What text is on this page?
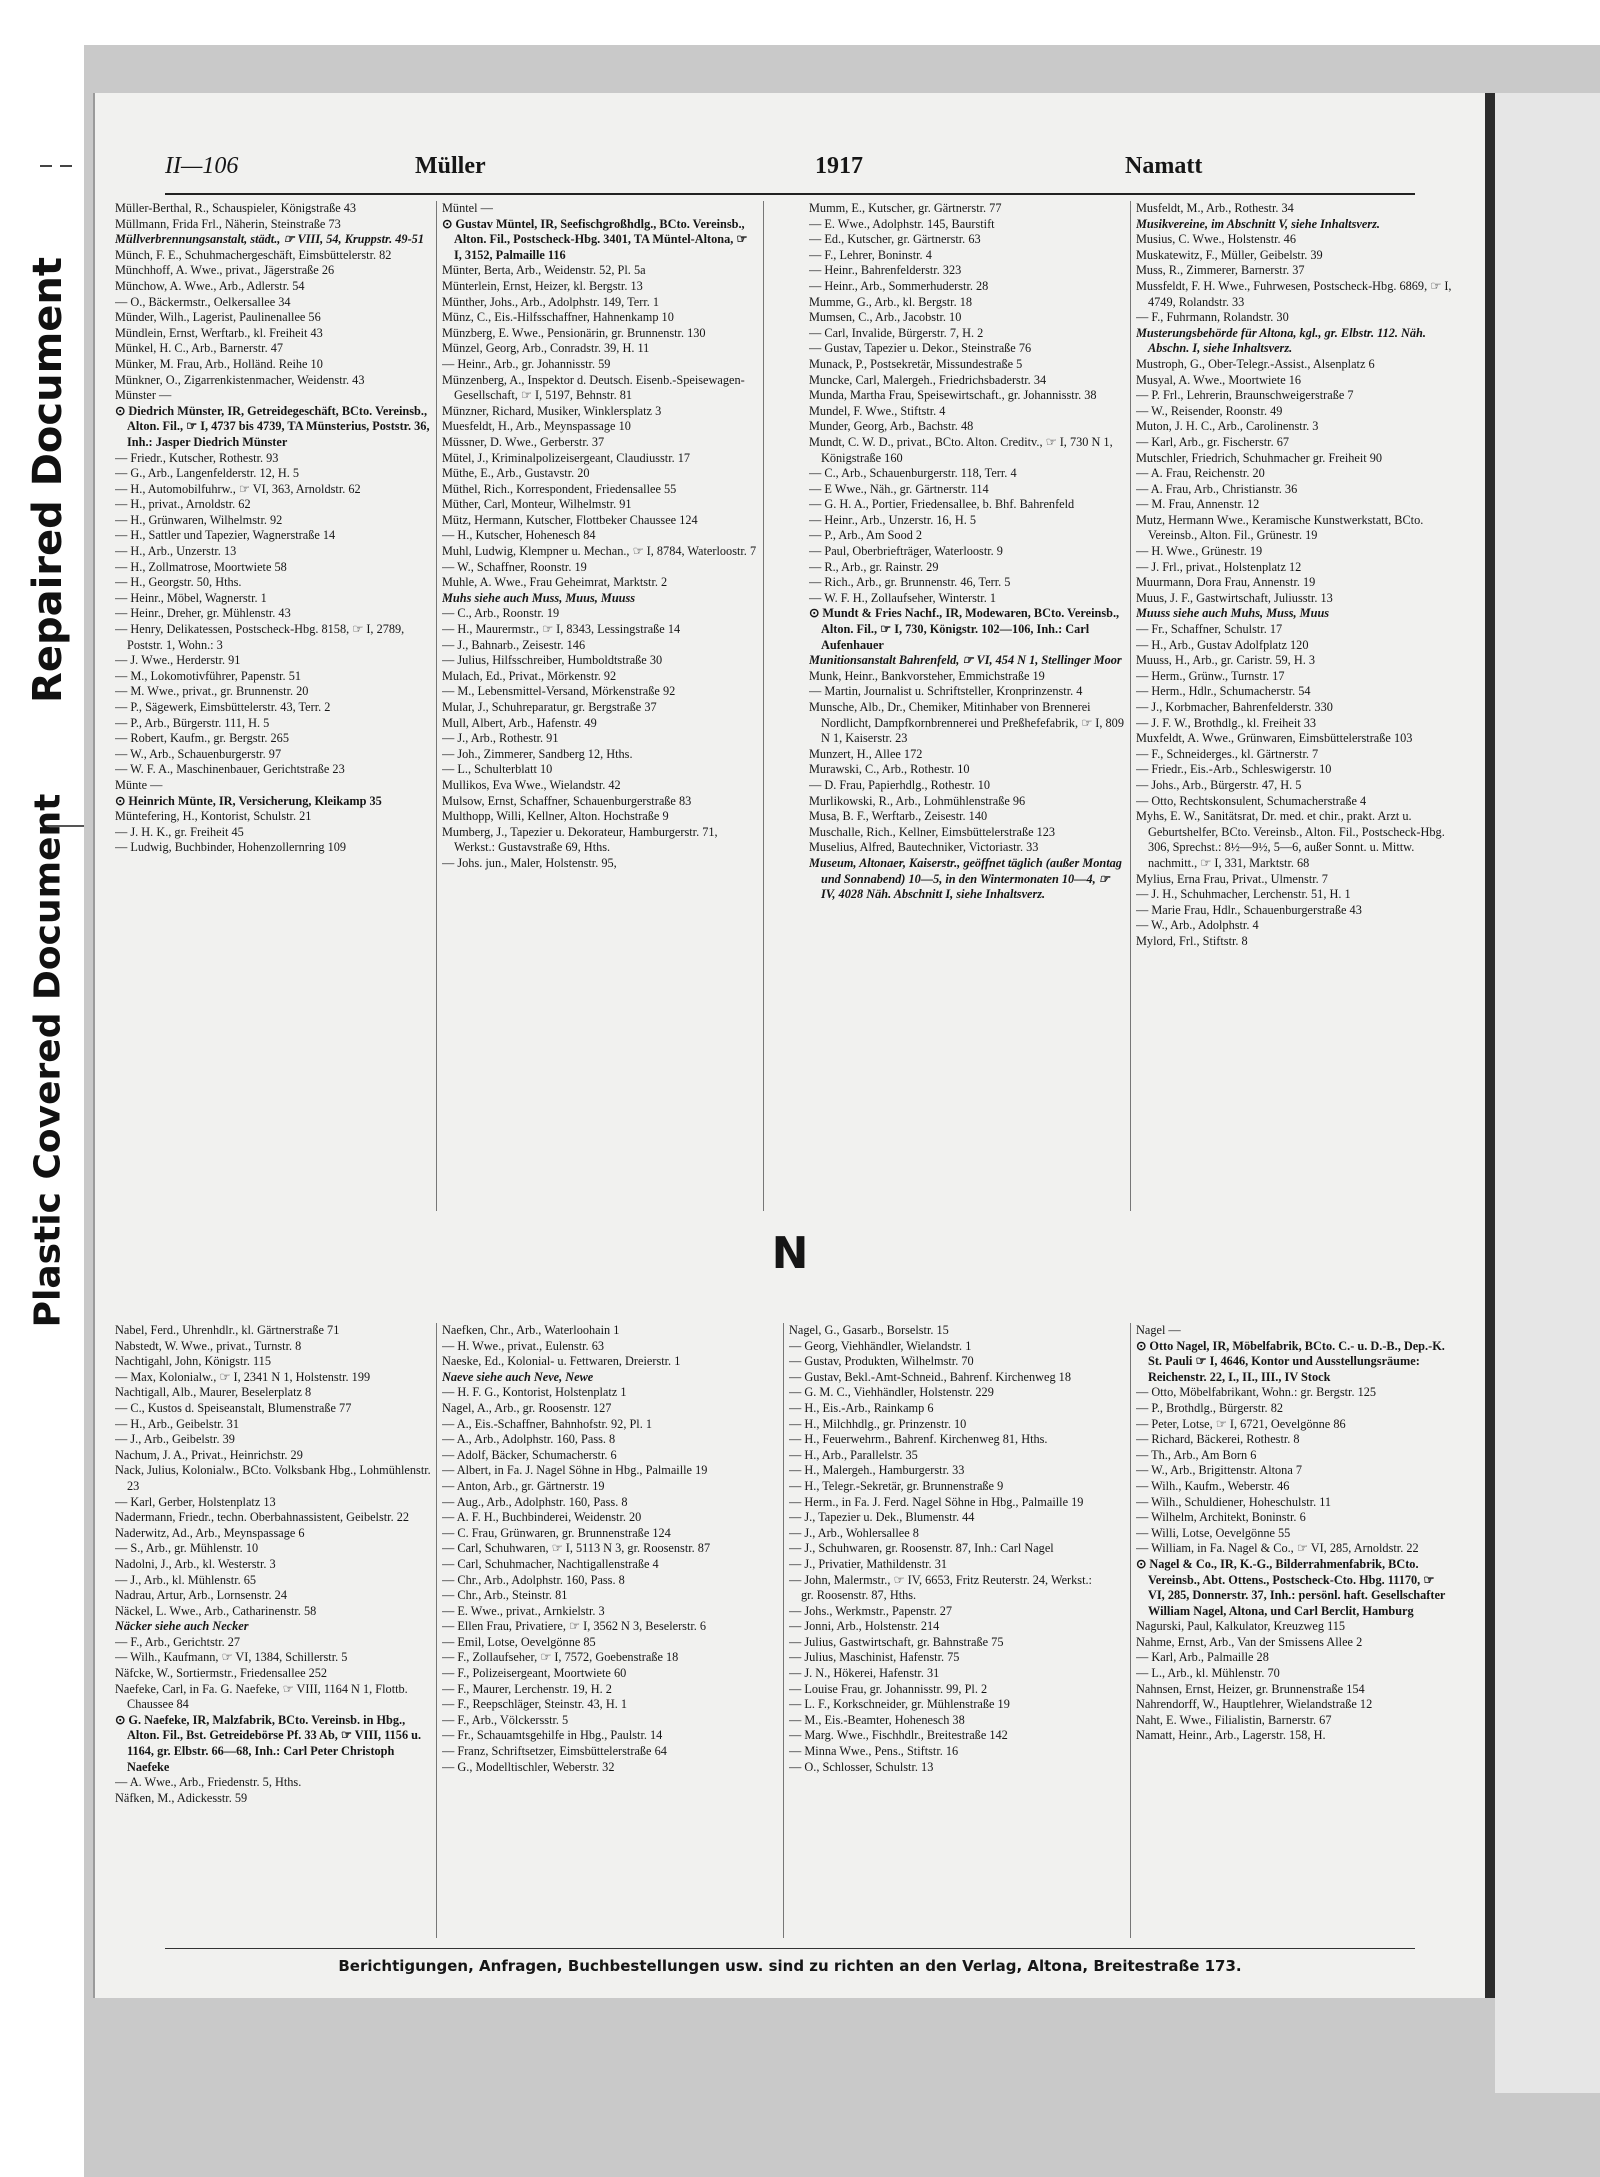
Repaired Document
Plastic Covered Document
II—106	Müller	1917	Namatt
Müller-Berthal, R., Schauspieler, Königstraße 43
Müllmann, Frida Frl., Näherin, Steinstraße 73
Müllverbrennungsanstalt, städt., ☞ VIII, 54, Kruppstr. 49-51
Münch, F. E., Schuhmachergeschäft, Eimsbüttelerstr. 82
Münchhoff, A. Wwe., privat., Jägerstraße 26
Münchow, A. Wwe., Arb., Adlerstr. 54
— O., Bäckermstr., Oelkersallee 34
Münder, Wilh., Lagerist, Paulinenallee 56
Mündlein, Ernst, Werftarb., kl. Freiheit 43
Münkel, H. C., Arb., Barnerstr. 47
Münker, M. Frau, Arb., Holländ. Reihe 10
Münkner, O., Zigarrenkistenmacher, Weidenstr. 43
Münster —
⊙ Diedrich Münster, IR, Getreidegeschäft, BCto. Vereinsb., Alton. Fil., ☞ I, 4737 bis 4739, TA Münsterius, Poststr. 36, Inh.: Jasper Diedrich Münster
— Friedr., Kutscher, Rothestr. 93
— G., Arb., Langenfelderstr. 12, H. 5
— H., Automobilfuhrw., ☞ VI, 363, Arnoldstr. 62
— H., privat., Arnoldstr. 62
— H., Grünwaren, Wilhelmstr. 92
— H., Sattler und Tapezier, Wagnerstraße 14
— H., Arb., Unzerstr. 13
— H., Zollmatrose, Moortwiete 58
— H., Georgstr. 50, Hths.
— Heinr., Möbel, Wagnerstr. 1
— Heinr., Dreher, gr. Mühlenstr. 43
— Henry, Delikatessen, Postscheck-Hbg. 8158, ☞ I, 2789, Poststr. 1, Wohn.: 3
— J. Wwe., Herderstr. 91
— M., Lokomotivführer, Papenstr. 51
— M. Wwe., privat., gr. Brunnenstr. 20
— P., Sägewerk, Eimsbüttelerstr. 43, Terr. 2
— P., Arb., Bürgerstr. 111, H. 5
— Robert, Kaufm., gr. Bergstr. 265
— W., Arb., Schauenburgerstr. 97
— W. F. A., Maschinenbauer, Gerichtstraße 23
Münte —
⊙ Heinrich Münte, IR, Versicherung, Kleikamp 35
Müntefering, H., Kontorist, Schulstr. 21
— J. H. K., gr. Freiheit 45
— Ludwig, Buchbinder, Hohenzollernring 109
Müntel —
⊙ Gustav Müntel, IR, Seefischgroßhdlg., BCto. Vereinsb., Alton. Fil., Postscheck-Hbg. 3401, TA Müntel-Altona, ☞ I, 3152, Palmaille 116
Münter, Berta, Arb., Weidenstr. 52, Pl. 5a
Münterlein, Ernst, Heizer, kl. Bergstr. 13
Münther, Johs., Arb., Adolphstr. 149, Terr. 1
Münz, C., Eis.-Hilfsschaffner, Hahnenkamp 10
Münzberg, E. Wwe., Pensionärin, gr. Brunnenstr. 130
Münzel, Georg, Arb., Conradstr. 39, H. 11
— Heinr., Arb., gr. Johannisstr. 59
Münzenberg, A., Inspektor d. Deutsch. Eisenb.-Speisewagen-Gesellschaft, ☞ I, 5197, Behnstr. 81
Münzner, Richard, Musiker, Winklersplatz 3
Muesfeldt, H., Arb., Meynspassage 10
Müssner, D. Wwe., Gerberstr. 37
Mütel, J., Kriminalpolizeisergeant, Claudiusstr. 17
Müthe, E., Arb., Gustavstr. 20
Müthel, Rich., Korrespondent, Friedensallee 55
Müther, Carl, Monteur, Wilhelmstr. 91
Mütz, Hermann, Kutscher, Flottbeker Chaussee 124
— H., Kutscher, Hohenesch 84
Muhl, Ludwig, Klempner u. Mechan., ☞ I, 8784, Waterloostr. 7
— W., Schaffner, Roonstr. 19
Muhle, A. Wwe., Frau Geheimrat, Marktstr. 2
Muhs siehe auch Muss, Muus, Muuss
— C., Arb., Roonstr. 19
— H., Maurermstr., ☞ I, 8343, Lessingstraße 14
— J., Bahnarb., Zeisestr. 146
— Julius, Hilfsschreiber, Humboldtstraße 30
Mulach, Ed., Privat., Mörkenstr. 92
— M., Lebensmittel-Versand, Mörkenstraße 92
Mular, J., Schuhreparatur, gr. Bergstraße 37
Mull, Albert, Arb., Hafenstr. 49
— J., Arb., Rothestr. 91
— Joh., Zimmerer, Sandberg 12, Hths.
— L., Schulterblatt 10
Mullikos, Eva Wwe., Wielandstr. 42
Mulsow, Ernst, Schaffner, Schauenburgerstraße 83
Multhopp, Willi, Kellner, Alton. Hochstraße 9
Mumberg, J., Tapezier u. Dekorateur, Hamburgerstr. 71, Werkst.: Gustavstraße 69, Hths.
— Johs. jun., Maler, Holstenstr. 95,
Mumm, E., Kutscher, gr. Gärtnerstr. 77
— E. Wwe., Adolphstr. 145, Baurstift
— Ed., Kutscher, gr. Gärtnerstr. 63
— F., Lehrer, Boninstr. 4
— Heinr., Bahrenfelderstr. 323
— Heinr., Arb., Sommerhuderstr. 28
Mumme, G., Arb., kl. Bergstr. 18
Mumsen, C., Arb., Jacobstr. 10
— Carl, Invalide, Bürgerstr. 7, H. 2
— Gustav, Tapezier u. Dekor., Steinstraße 76
Munack, P., Postsekretär, Missundestraße 5
Muncke, Carl, Malergeh., Friedrichsbaderstr. 34
Munda, Martha Frau, Speisewirtschaft., gr. Johannisstr. 38
Mundel, F. Wwe., Stiftstr. 4
Munder, Georg, Arb., Bachstr. 48
Mundt, C. W. D., privat., BCto. Alton. Creditv., ☞ I, 730 N 1, Königstraße 160
— C., Arb., Schauenburgerstr. 118, Terr. 4
— E Wwe., Näh., gr. Gärtnerstr. 114
— G. H. A., Portier, Friedensallee, b. Bhf. Bahrenfeld
— Heinr., Arb., Unzerstr. 16, H. 5
— P., Arb., Am Sood 2
— Paul, Oberbriefträger, Waterloostr. 9
— R., Arb., gr. Rainstr. 29
— Rich., Arb., gr. Brunnenstr. 46, Terr. 5
— W. F. H., Zollaufseher, Winterstr. 1
⊙ Mundt & Fries Nachf., IR, Modewaren, BCto. Vereinsb., Alton. Fil., ☞ I, 730, Königstr. 102—106, Inh.: Carl Aufenhauer
Munitionsanstalt Bahrenfeld, ☞ VI, 454 N 1, Stellinger Moor
Munk, Heinr., Bankvorsteher, Emmichstraße 19
— Martin, Journalist u. Schriftsteller, Kronprinzenstr. 4
Munsche, Alb., Dr., Chemiker, Mitinhaber von Brennerei Nordlicht, Dampfkornbrennerei und Preßhefefabrik, ☞ I, 809 N 1, Kaiserstr. 23
Munzert, H., Allee 172
Murawski, C., Arb., Rothestr. 10
— D. Frau, Papierhdlg., Rothestr. 10
Murlikowski, R., Arb., Lohmühlenstraße 96
Musa, B. F., Werftarb., Zeisestr. 140
Muschalle, Rich., Kellner, Eimsbüttelerstraße 123
Muselius, Alfred, Bautechniker, Victoriastr. 33
Museum, Altonaer, Kaiserstr., geöffnet täglich (außer Montag und Sonnabend) 10—5, in den Wintermonaten 10—4, ☞ IV, 4028 Näh. Abschnitt I, siehe Inhaltsverz.
Musfeldt, M., Arb., Rothestr. 34
Musikvereine, im Abschnitt V, siehe Inhaltsverz.
Musius, C. Wwe., Holstenstr. 46
Muskatewitz, F., Müller, Geibelstr. 39
Muss, R., Zimmerer, Barnerstr. 37
Mussfeldt, F. H. Wwe., Fuhrwesen, Postscheck-Hbg. 6869, ☞ I, 4749, Rolandstr. 33
— F., Fuhrmann, Rolandstr. 30
Musterungsbehörde für Altona, kgl., gr. Elbstr. 112. Näh. Abschn. I, siehe Inhaltsverz.
Mustroph, G., Ober-Telegr.-Assist., Alsenplatz 6
Musyal, A. Wwe., Moortwiete 16
— P. Frl., Lehrerin, Braunschweigerstraße 7
— W., Reisender, Roonstr. 49
Muton, J. H. C., Arb., Carolinenstr. 3
— Karl, Arb., gr. Fischerstr. 67
Mutschler, Friedrich, Schuhmacher gr. Freiheit 90
— A. Frau, Reichenstr. 20
— A. Frau, Arb., Christianstr. 36
— M. Frau, Annenstr. 12
Mutz, Hermann Wwe., Keramische Kunstwerkstatt, BCto. Vereinsb., Alton. Fil., Grünestr. 19
— H. Wwe., Grünestr. 19
— J. Frl., privat., Holstenplatz 12
Muurmann, Dora Frau, Annenstr. 19
Muus, J. F., Gastwirtschaft, Juliusstr. 13
Muuss siehe auch Muhs, Muss, Muus
— Fr., Schaffner, Schulstr. 17
— H., Arb., Gustav Adolfplatz 120
Muuss, H., Arb., gr. Caristr. 59, H. 3
— Herm., Grünw., Turnstr. 17
— Herm., Hdlr., Schumacherstr. 54
— J., Korbmacher, Bahrenfelderstr. 330
— J. F. W., Brothdlg., kl. Freiheit 33
Muxfeldt, A. Wwe., Grünwaren, Eimsbüttelerstraße 103
— F., Schneiderges., kl. Gärtnerstr. 7
— Friedr., Eis.-Arb., Schleswigerstr. 10
— Johs., Arb., Bürgerstr. 47, H. 5
— Otto, Rechtskonsulent, Schumacherstraße 4
Myhs, E. W., Sanitätsrat, Dr. med. et chir., prakt. Arzt u. Geburtshelfer, BCto. Vereinsb., Alton. Fil., Postscheck-Hbg. 306, Sprechst.: 8½—9½, 5—6, außer Sonnt. u. Mittw. nachmitt., ☞ I, 331, Marktstr. 68
Mylius, Erna Frau, Privat., Ulmenstr. 7
— J. H., Schuhmacher, Lerchenstr. 51, H. 1
— Marie Frau, Hdlr., Schauenburgerstraße 43
— W., Arb., Adolphstr. 4
Mylord, Frl., Stiftstr. 8
N
Nabel, Ferd., Uhrenhdlr., kl. Gärtnerstraße 71
Nabstedt, W. Wwe., privat., Turnstr. 8
Nachtigahl, John, Königstr. 115
— Max, Kolonialw., ☞ I, 2341 N 1, Holstenstr. 199
Nachtigall, Alb., Maurer, Beselerplatz 8
— C., Kustos d. Speiseanstalt, Blumenstraße 77
— H., Arb., Geibelstr. 31
— J., Arb., Geibelstr. 39
Nachum, J. A., Privat., Heinrichstr. 29
Nack, Julius, Kolonialw., BCto. Volksbank Hbg., Lohmühlenstr. 23
— Karl, Gerber, Holstenplatz 13
Nadermann, Friedr., techn. Oberbahnassistent, Geibelstr. 22
Naderwitz, Ad., Arb., Meynspassage 6
— S., Arb., gr. Mühlenstr. 10
Nadolni, J., Arb., kl. Westerstr. 3
— J., Arb., kl. Mühlenstr. 65
Nadrau, Artur, Arb., Lornsenstr. 24
Näckel, L. Wwe., Arb., Catharinenstr. 58
Näcker siehe auch Necker
— F., Arb., Gerichtstr. 27
— Wilh., Kaufmann, ☞ VI, 1384, Schillerstr. 5
Näfcke, W., Sortiermstr., Friedensallee 252
Naefeke, Carl, in Fa. G. Naefeke, ☞ VIII, 1164 N 1, Flottb. Chaussee 84
⊙ G. Naefeke, IR, Malzfabrik, BCto. Vereinsb. in Hbg., Alton. Fil., Bst. Getreidebörse Pf. 33 Ab, ☞ VIII, 1156 u. 1164, gr. Elbstr. 66—68, Inh.: Carl Peter Christoph Naefeke
— A. Wwe., Arb., Friedenstr. 5, Hths.
Näfken, M., Adickesstr. 59
Naefken, Chr., Arb., Waterloohain 1
— H. Wwe., privat., Eulenstr. 63
Naeske, Ed., Kolonial- u. Fettwaren, Dreierstr. 1
Naeve siehe auch Neve, Newe
— H. F. G., Kontorist, Holstenplatz 1
Nagel, A., Arb., gr. Roosenstr. 127
— A., Eis.-Schaffner, Bahnhofstr. 92, Pl. 1
— A., Arb., Adolphstr. 160, Pass. 8
— Adolf, Bäcker, Schumacherstr. 6
— Albert, in Fa. J. Nagel Söhne in Hbg., Palmaille 19
— Anton, Arb., gr. Gärtnerstr. 19
— Aug., Arb., Adolphstr. 160, Pass. 8
— A. F. H., Buchbinderei, Weidenstr. 20
— C. Frau, Grünwaren, gr. Brunnenstraße 124
— Carl, Schuhwaren, ☞ I, 5113 N 3, gr. Roosenstr. 87
— Carl, Schuhmacher, Nachtigallenstraße 4
— Chr., Arb., Adolphstr. 160, Pass. 8
— Chr., Arb., Steinstr. 81
— E. Wwe., privat., Arnkielstr. 3
— Ellen Frau, Privatiere, ☞ I, 3562 N 3, Beselerstr. 6
— Emil, Lotse, Oevelgönne 85
— F., Zollaufseher, ☞ I, 7572, Goebenstraße 18
— F., Polizeisergeant, Moortwiete 60
— F., Maurer, Lerchenstr. 19, H. 2
— F., Reepschläger, Steinstr. 43, H. 1
— F., Arb., Völckersstr. 5
— Fr., Schauamtsgehilfe in Hbg., Paulstr. 14
— Franz, Schriftsetzer, Eimsbüttelerstraße 64
— G., Modelltischler, Weberstr. 32
Nagel, G., Gasarb., Borselstr. 15
— Georg, Viehhändler, Wielandstr. 1
— Gustav, Produkten, Wilhelmstr. 70
— Gustav, Bekl.-Amt-Schneid., Bahrenf. Kirchenweg 18
— G. M. C., Viehhändler, Holstenstr. 229
— H., Eis.-Arb., Rainkamp 6
— H., Milchhdlg., gr. Prinzenstr. 10
— H., Feuerwehrm., Bahrenf. Kirchenweg 81, Hths.
— H., Arb., Parallelstr. 35
— H., Malergeh., Hamburgerstr. 33
— H., Telegr.-Sekretär, gr. Brunnenstraße 9
— Herm., in Fa. J. Ferd. Nagel Söhne in Hbg., Palmaille 19
— J., Tapezier u. Dek., Blumenstr. 44
— J., Arb., Wohlersallee 8
— J., Schuhwaren, gr. Roosenstr. 87, Inh.: Carl Nagel
— J., Privatier, Mathildenstr. 31
— John, Malermstr., ☞ IV, 6653, Fritz Reuterstr. 24, Werkst.: gr. Roosenstr. 87, Hths.
— Johs., Werkmstr., Papenstr. 27
— Jonni, Arb., Holstenstr. 214
— Julius, Gastwirtschaft, gr. Bahnstraße 75
— Julius, Maschinist, Hafenstr. 75
— J. N., Hökerei, Hafenstr. 31
— Louise Frau, gr. Johannisstr. 99, Pl. 2
— L. F., Korkschneider, gr. Mühlenstraße 19
— M., Eis.-Beamter, Hohenesch 38
— Marg. Wwe., Fischhdlr., Breitestraße 142
— Minna Wwe., Pens., Stiftstr. 16
— O., Schlosser, Schulstr. 13
Nagel —
⊙ Otto Nagel, IR, Möbelfabrik, BCto. C.- u. D.-B., Dep.-K. St. Pauli ☞ I, 4646, Kontor und Ausstellungsräume: Reichenstr. 22, I., II., III., IV Stock
— Otto, Möbelfabrikant, Wohn.: gr. Bergstr. 125
— P., Brothdlg., Bürgerstr. 82
— Peter, Lotse, ☞ I, 6721, Oevelgönne 86
— Richard, Bäckerei, Rothestr. 8
— Th., Arb., Am Born 6
— W., Arb., Brigittenstr. Altona 7
— Wilh., Kaufm., Weberstr. 46
— Wilh., Schuldiener, Hoheschulstr. 11
— Wilhelm, Architekt, Boninstr. 6
— Willi, Lotse, Oevelgönne 55
— William, in Fa. Nagel & Co., ☞ VI, 285, Arnoldstr. 22
⊙ Nagel & Co., IR, K.-G., Bilderrahmenfabrik, BCto. Vereinsb., Abt. Ottens., Postscheck-Cto. Hbg. 11170, ☞ VI, 285, Donnerstr. 37, Inh.: persönl. haft. Gesellschafter William Nagel, Altona, und Carl Berclit, Hamburg
Nagurski, Paul, Kalkulator, Kreuzweg 115
Nahme, Ernst, Arb., Van der Smissens Allee 2
— Karl, Arb., Palmaille 28
— L., Arb., kl. Mühlenstr. 70
Nahnsen, Ernst, Heizer, gr. Brunnenstraße 154
Nahrendorff, W., Hauptlehrer, Wielandstraße 12
Naht, E. Wwe., Filialistin, Barnerstr. 67
Namatt, Heinr., Arb., Lagerstr. 158, H.
Berichtigungen, Anfragen, Buchbestellungen usw. sind zu richten an den Verlag, Altona, Breitestraße 173.
